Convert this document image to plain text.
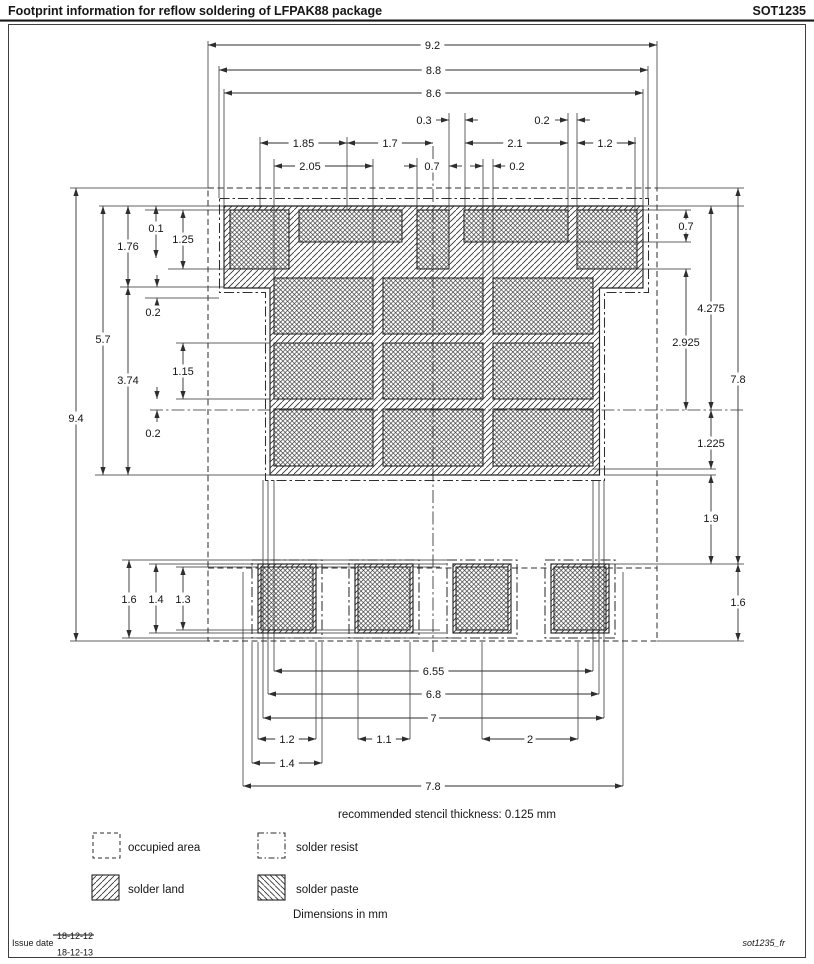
Footprint information for reflow soldering of LFPAK88 package	SOT1235
9.2
8.8
8.6
1.85	1.7	2.1	1.2
2.05
6.55
6.8
7
1.2	1.1	2
1.4
7.8
0.3	0.2
0.7	0.2
1.76
1.25
0.1
5.7
3.74
1.15
9.4
0.7
4.275
2.925
7.8
1.225
1.9
1.6
1.6 1.4 1.3
0.2
0.2
recommended stencil thickness: 0.125 mm
Dimensions in mm
occupied area	solder resist
solder land	solder paste
Issue date
18-12-12
18-12-13
sot1235_fr
